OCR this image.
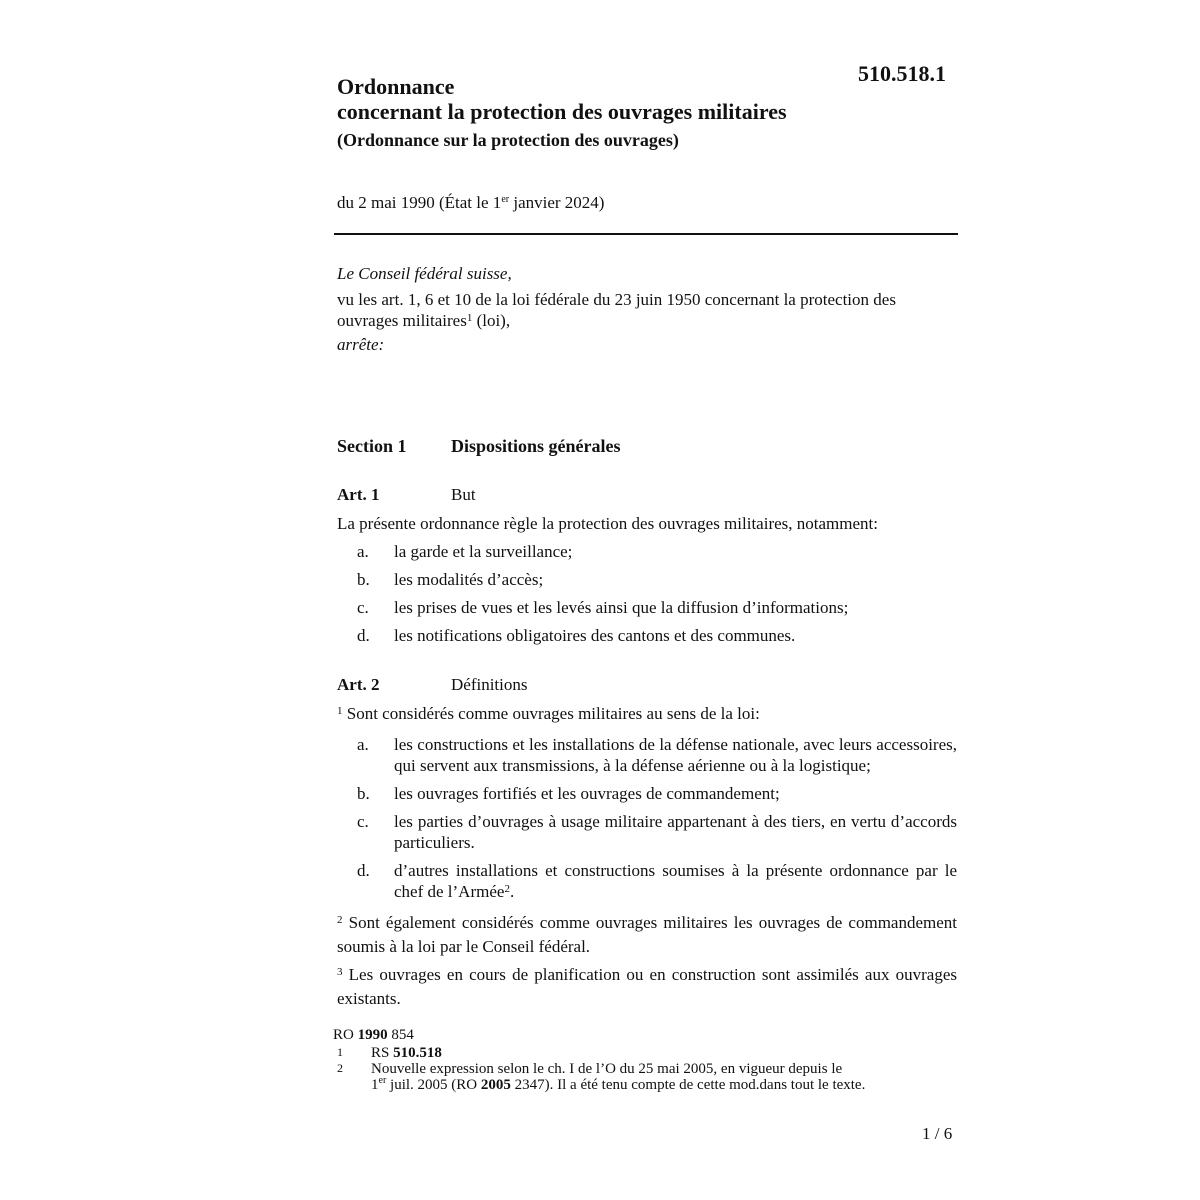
510.518.1
Ordonnance
concernant la protection des ouvrages militaires
(Ordonnance sur la protection des ouvrages)
du 2 mai 1990 (État le 1er janvier 2024)

Le Conseil fédéral suisse,

vu les art. 1, 6 et 10 de la loi fédérale du 23 juin 1950 concernant la protection des ouvrages militaires$^1$ (loi),
arrête:

Section 1 Dispositions générales
Art. 1	But

La présente ordonnance règle la protection des ouvrages militaires, notamment:

a. la garde et la surveillance;
b. les modalités d’accès;
c. les prises de vues et les levés ainsi que la diffusion d’informations;
d. les notifications obligatoires des cantons et des communes.
Art. 2	Définitions

$^1$ Sont considérés comme ouvrages militaires au sens de la loi:

a. les constructions et les installations de la défense nationale, avec leurs accessoires, qui servent aux transmissions, à la défense aérienne ou à la logistique;
b. les ouvrages fortifiés et les ouvrages de commandement;
c. les parties d’ouvrages à usage militaire appartenant à des tiers, en vertu d’accords particuliers.
d. d’autres installations et constructions soumises à la présente ordonnance par le chef de l’Armée$^2$.

$^2$ Sont également considérés comme ouvrages militaires les ouvrages de commandement soumis à la loi par le Conseil fédéral.

$^3$ Les ouvrages en cours de planification ou en construction sont assimilés aux ouvrages existants.

RO 1990 854
1 RS 510.518
2 Nouvelle expression selon le ch. I de l’O du 25 mai 2005, en vigueur depuis le
1er juil. 2005 (RO 2005 2347). Il a été tenu compte de cette mod.dans tout le texte.
1 / 6
